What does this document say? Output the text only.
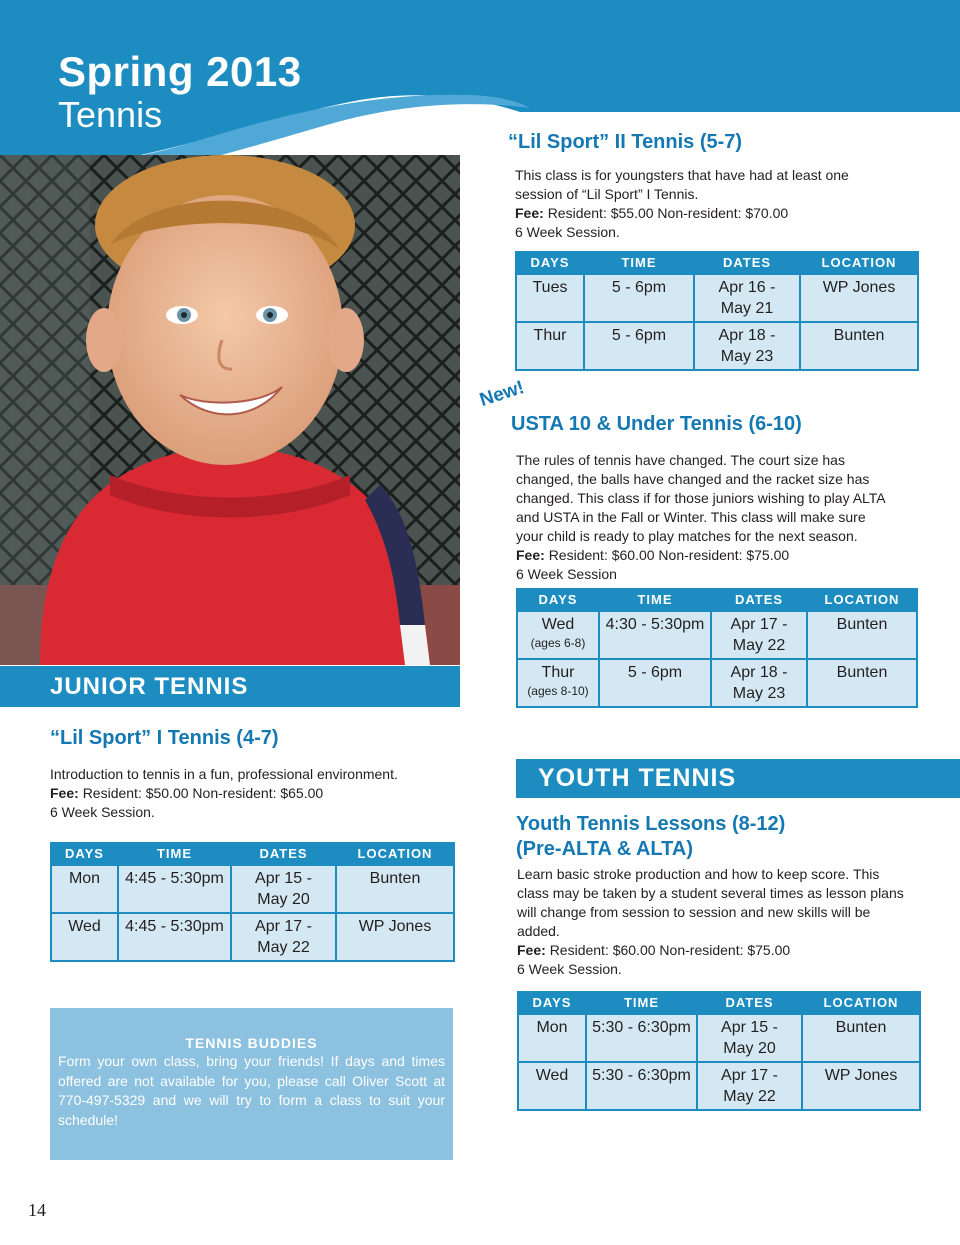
Spring 2013
Tennis
JUNIOR TENNIS
“Lil Sport” I Tennis (4-7)
Introduction to tennis in a fun, professional environment.
Fee: Resident: $50.00 Non-resident: $65.00
6 Week Session.
DAYS	TIME	DATES	LOCATION
Mon	4:45 - 5:30pm	Apr 15 -
May 20	Bunten
Wed	4:45 - 5:30pm	Apr 17 -
May 22	WP Jones
TENNIS BUDDIES
Form your own class, bring your friends! If days and times offered are not available for you, please call Oliver Scott at 770-497-5329 and we will try to form a class to suit your schedule!
“Lil Sport” II Tennis (5-7)
This class is for youngsters that have had at least one
session of “Lil Sport” I Tennis.
Fee: Resident: $55.00 Non-resident: $70.00
6 Week Session.
DAYS	TIME	DATES	LOCATION
Tues	5 - 6pm	Apr 16 -
May 21	WP Jones
Thur	5 - 6pm	Apr 18 -
May 23	Bunten
New!
USTA 10 & Under Tennis (6-10)
The rules of tennis have changed. The court size has
changed, the balls have changed and the racket size has
changed. This class if for those juniors wishing to play ALTA
and USTA in the Fall or Winter. This class will make sure
your child is ready to play matches for the next season.
Fee: Resident: $60.00 Non-resident: $75.00
6 Week Session
DAYS	TIME	DATES	LOCATION
Wed
(ages 6-8)	4:30 - 5:30pm	Apr 17 -
May 22	Bunten
Thur
(ages 8-10)	5 - 6pm	Apr 18 -
May 23	Bunten
YOUTH TENNIS
Youth Tennis Lessons (8-12)
(Pre-ALTA & ALTA)
Learn basic stroke production and how to keep score. This
class may be taken by a student several times as lesson plans
will change from session to session and new skills will be
added.
Fee: Resident: $60.00 Non-resident: $75.00
6 Week Session.
DAYS	TIME	DATES	LOCATION
Mon	5:30 - 6:30pm	Apr 15 -
May 20	Bunten
Wed	5:30 - 6:30pm	Apr 17 -
May 22	WP Jones
14
